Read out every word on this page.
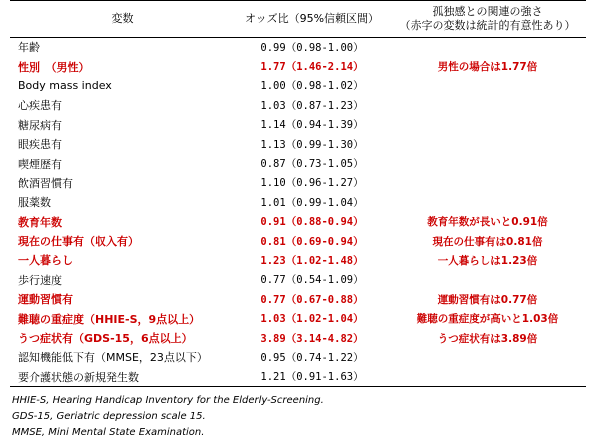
変数	オッズ比（95%信頼区間）	孤独感との関連の強さ
（赤字の変数は統計的有意性あり）

年齢	0.99（0.98-1.00）	
性別　（男性）	1.77（1.46-2.14）	男性の場合は1.77倍
Body mass index	1.00（0.98-1.02）	
心疾患有	1.03（0.87-1.23）	
糖尿病有	1.14（0.94-1.39）	
眼疾患有	1.13（0.99-1.30）	
喫煙歴有	0.87（0.73-1.05）	
飲酒習慣有	1.10（0.96-1.27）	
服薬数	1.01（0.99-1.04）	
教育年数	0.91（0.88-0.94）	教育年数が長いと0.91倍
現在の仕事有（収入有）	0.81（0.69-0.94）	現在の仕事有は0.81倍
一人暮らし	1.23（1.02-1.48）	一人暮らしは1.23倍
歩行速度	0.77（0.54-1.09）	
運動習慣有	0.77（0.67-0.88）	運動習慣有は0.77倍
難聴の重症度（HHIE-S，9点以上）	1.03（1.02-1.04）	難聴の重症度が高いと1.03倍
うつ症状有（GDS-15，6点以上）	3.89（3.14-4.82）	うつ症状有は3.89倍
認知機能低下有（MMSE，23点以下）	0.95（0.74-1.22）	
要介護状態の新規発生数	1.21（0.91-1.63）	
HHIE-S, Hearing Handicap Inventory for the Elderly-Screening.
GDS-15, Geriatric depression scale 15.
MMSE, Mini Mental State Examination.
